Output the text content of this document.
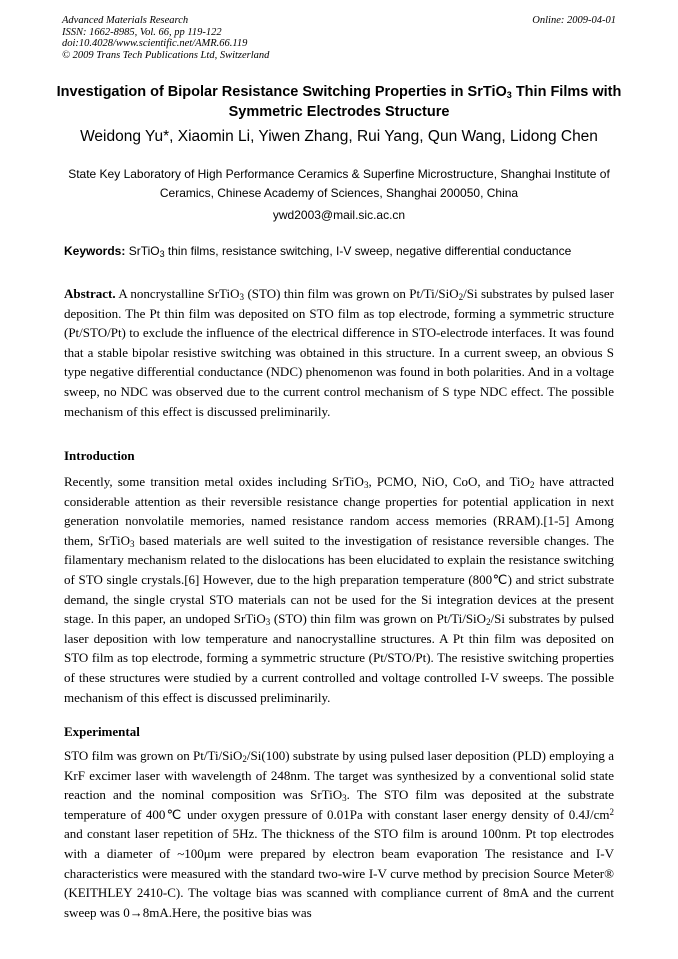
Advanced Materials Research
ISSN: 1662-8985, Vol. 66, pp 119-122
doi:10.4028/www.scientific.net/AMR.66.119
© 2009 Trans Tech Publications Ltd, Switzerland
Online: 2009-04-01
Investigation of Bipolar Resistance Switching Properties in SrTiO$_3$ Thin Films with Symmetric Electrodes Structure
Weidong Yu*, Xiaomin Li, Yiwen Zhang, Rui Yang, Qun Wang, Lidong Chen
State Key Laboratory of High Performance Ceramics & Superfine Microstructure, Shanghai Institute of Ceramics, Chinese Academy of Sciences, Shanghai 200050, China
ywd2003@mail.sic.ac.cn
Keywords: SrTiO$_3$ thin films, resistance switching, I-V sweep, negative differential conductance
Abstract. A noncrystalline SrTiO$_3$ (STO) thin film was grown on Pt/Ti/SiO$_2$/Si substrates by pulsed laser deposition. The Pt thin film was deposited on STO film as top electrode, forming a symmetric structure (Pt/STO/Pt) to exclude the influence of the electrical difference in STO-electrode interfaces. It was found that a stable bipolar resistive switching was obtained in this structure. In a current sweep, an obvious S type negative differential conductance (NDC) phenomenon was found in both polarities. And in a voltage sweep, no NDC was observed due to the current control mechanism of S type NDC effect. The possible mechanism of this effect is discussed preliminarily.
Introduction
Recently, some transition metal oxides including SrTiO$_3$, PCMO, NiO, CoO, and TiO$_2$ have attracted considerable attention as their reversible resistance change properties for potential application in next generation nonvolatile memories, named resistance random access memories (RRAM).[1-5] Among them, SrTiO$_3$ based materials are well suited to the investigation of resistance reversible changes. The filamentary mechanism related to the dislocations has been elucidated to explain the resistance switching of STO single crystals.[6] However, due to the high preparation temperature (800℃) and strict substrate demand, the single crystal STO materials can not be used for the Si integration devices at the present stage. In this paper, an undoped SrTiO$_3$ (STO) thin film was grown on Pt/Ti/SiO$_2$/Si substrates by pulsed laser deposition with low temperature and nanocrystalline structures. A Pt thin film was deposited on STO film as top electrode, forming a symmetric structure (Pt/STO/Pt). The resistive switching properties of these structures were studied by a current controlled and voltage controlled I-V sweeps. The possible mechanism of this effect is discussed preliminarily.
Experimental
STO film was grown on Pt/Ti/SiO$_2$/Si(100) substrate by using pulsed laser deposition (PLD) employing a KrF excimer laser with wavelength of 248nm. The target was synthesized by a conventional solid state reaction and the nominal composition was SrTiO$_3$. The STO film was deposited at the substrate temperature of 400℃ under oxygen pressure of 0.01Pa with constant laser energy density of $0.4J/cm^2$ and constant laser repetition of 5Hz. The thickness of the STO film is around 100nm. Pt top electrodes with a diameter of ~100μm were prepared by electron beam evaporation The resistance and I-V characteristics were measured with the standard two-wire I-V curve method by precision Source Meter® (KEITHLEY 2410-C). The voltage bias was scanned with compliance current of 8mA and the current sweep was 0→8mA.Here, the positive bias was
